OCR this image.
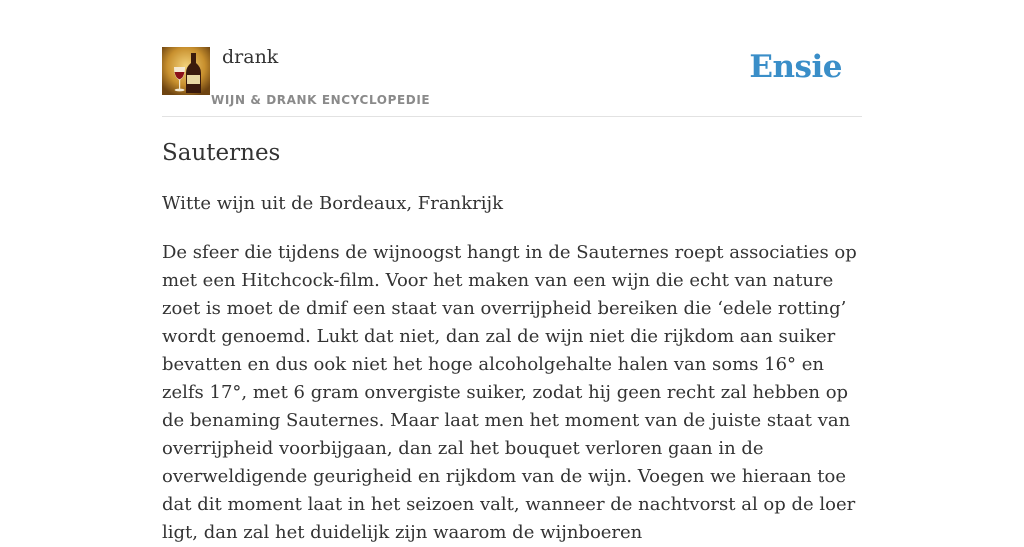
drank
WIJN & DRANK ENCYCLOPEDIE
Ensie
Sauternes

Witte wijn uit de Bordeaux, Frankrijk

De sfeer die tijdens de wijnoogst hangt in de Sauternes roept associaties op met een Hitchcock-film. Voor het maken van een wijn die echt van nature zoet is moet de dmif een staat van overrijpheid bereiken die ‘edele rotting’ wordt genoemd. Lukt dat niet, dan zal de wijn niet die rijkdom aan suiker bevatten en dus ook niet het hoge alcoholgehalte halen van soms 16° en zelfs 17°, met 6 gram onvergiste suiker, zodat hij geen recht zal hebben op de benaming Sauternes. Maar laat men het moment van de juiste staat van overrijpheid voorbijgaan, dan zal het bouquet verloren gaan in de overweldigende geurigheid en rijkdom van de wijn. Voegen we hieraan toe dat dit moment laat in het seizoen valt, wanneer de nachtvorst al op de loer ligt, dan zal het duidelijk zijn waarom de wijnboeren
